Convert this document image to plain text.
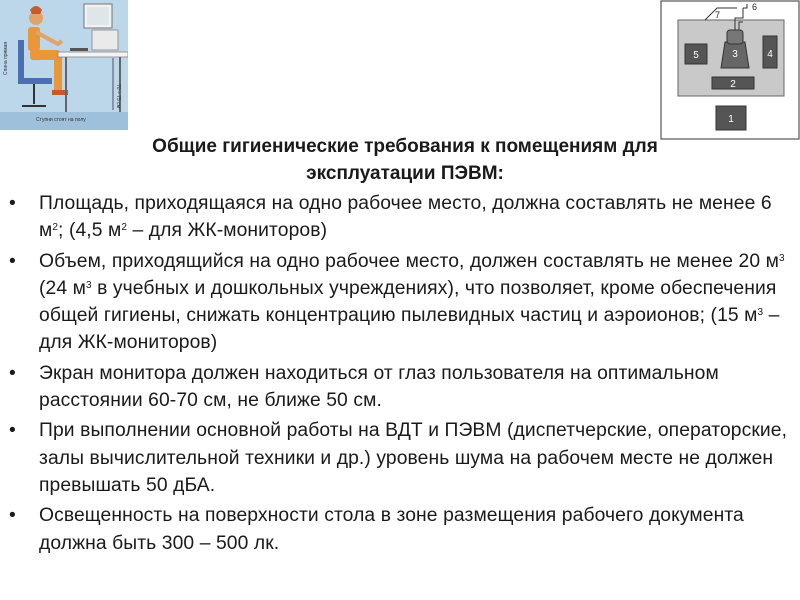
70 – 75 см
Спина прямая
Ступни стоят на полу
5	3	4
2
1
7
6
Общие гигиенические требования к помещениям для
эксплуатации ПЭВМ:
• Площадь, приходящаяся на одно рабочее место, должна составлять не менее 6 $м^2$; (4,5 $м^2$ – для ЖК-мониторов)
• Объем, приходящийся на одно рабочее место, должен составлять не менее 20 $м^3$ (24 $м^3$ в учебных и дошкольных учреждениях), что позволяет, кроме обеспечения общей гигиены, снижать концентрацию пылевидных частиц и аэроионов; (15 $м^3$ – для ЖК-мониторов)
• Экран монитора должен находиться от глаз пользователя на оптимальном расстоянии 60-70 см, не ближе 50 см.
• При выполнении основной работы на ВДТ и ПЭВМ (диспетчерские, операторские, залы вычислительной техники и др.) уровень шума на рабочем месте не должен превышать 50 дБА.
• Освещенность на поверхности стола в зоне размещения рабочего документа должна быть 300 – 500 лк.
